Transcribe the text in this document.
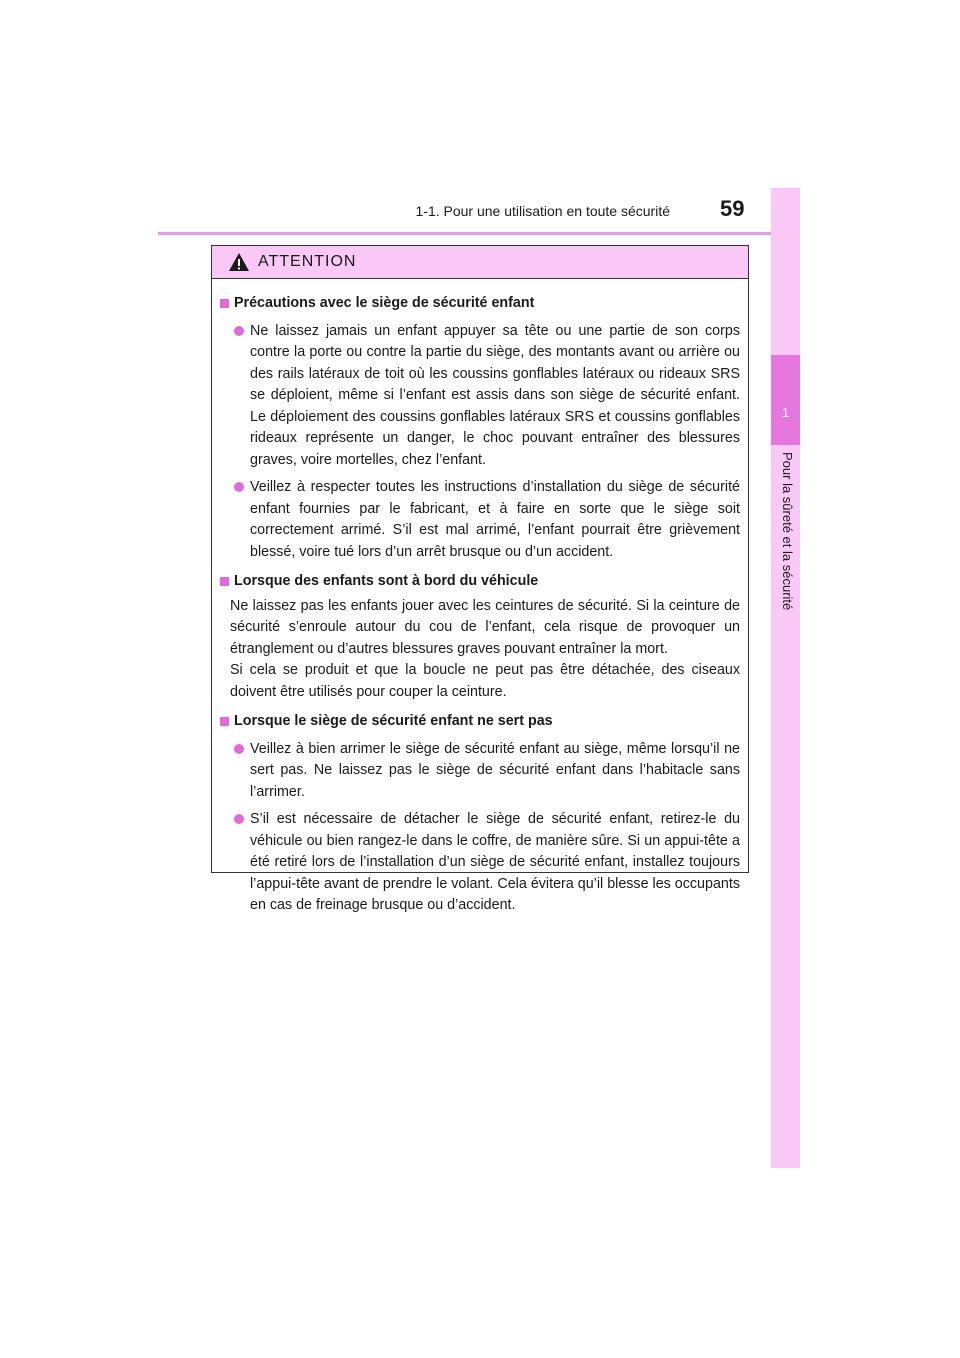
1-1. Pour une utilisation en toute sécurité 59
1
Pour la sûreté et la sécurité
ATTENTION
Précautions avec le siège de sécurité enfant
Ne laissez jamais un enfant appuyer sa tête ou une partie de son corps contre la porte ou contre la partie du siège, des montants avant ou arrière ou des rails latéraux de toit où les coussins gonflables latéraux ou rideaux SRS se déploient, même si l’enfant est assis dans son siège de sécurité enfant. Le déploiement des coussins gonflables latéraux SRS et coussins gonflables rideaux représente un danger, le choc pouvant entraîner des blessures graves, voire mortelles, chez l’enfant.
Veillez à respecter toutes les instructions d’installation du siège de sécurité enfant fournies par le fabricant, et à faire en sorte que le siège soit correctement arrimé. S’il est mal arrimé, l’enfant pourrait être grièvement blessé, voire tué lors d’un arrêt brusque ou d’un accident.
Lorsque des enfants sont à bord du véhicule
Ne laissez pas les enfants jouer avec les ceintures de sécurité. Si la ceinture de sécurité s’enroule autour du cou de l’enfant, cela risque de provoquer un étranglement ou d’autres blessures graves pouvant entraîner la mort.
Si cela se produit et que la boucle ne peut pas être détachée, des ciseaux doivent être utilisés pour couper la ceinture.
Lorsque le siège de sécurité enfant ne sert pas
Veillez à bien arrimer le siège de sécurité enfant au siège, même lorsqu’il ne sert pas. Ne laissez pas le siège de sécurité enfant dans l’habitacle sans l’arrimer.
S’il est nécessaire de détacher le siège de sécurité enfant, retirez-le du véhicule ou bien rangez-le dans le coffre, de manière sûre. Si un appui-tête a été retiré lors de l’installation d’un siège de sécurité enfant, installez toujours l’appui-tête avant de prendre le volant. Cela évitera qu’il blesse les occupants en cas de freinage brusque ou d’accident.
